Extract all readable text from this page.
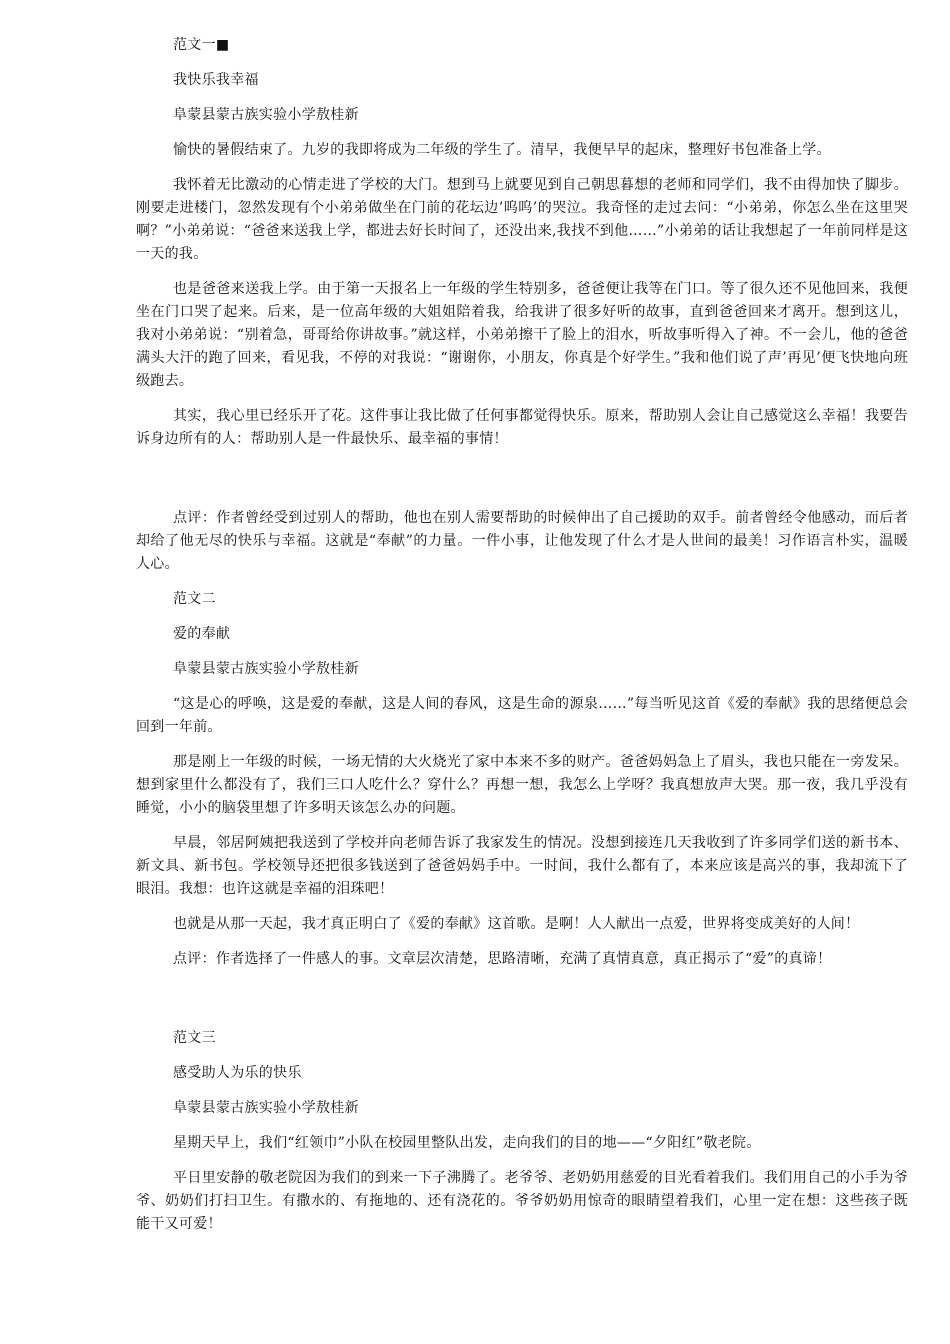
范文一■

我快乐我幸福

阜蒙县蒙古族实验小学敖桂新

愉快的暑假结束了。九岁的我即将成为二年级的学生了。清早，我便早早的起床，整理好书包准备上学。

我怀着无比激动的心情走进了学校的大门。想到马上就要见到自己朝思暮想的老师和同学们，我不由得加快了脚步。刚要走进楼门，忽然发现有个小弟弟做坐在门前的花坛边’呜呜’的哭泣。我奇怪的走过去问：“小弟弟，你怎么坐在这里哭啊？”小弟弟说：“爸爸来送我上学，都进去好长时间了，还没出来,我找不到他……”小弟弟的话让我想起了一年前同样是这一天的我。

也是爸爸来送我上学。由于第一天报名上一年级的学生特别多，爸爸便让我等在门口。等了很久还不见他回来，我便坐在门口哭了起来。后来，是一位高年级的大姐姐陪着我，给我讲了很多好听的故事，直到爸爸回来才离开。想到这儿，我对小弟弟说：“别着急，哥哥给你讲故事。”就这样，小弟弟擦干了脸上的泪水，听故事听得入了神。不一会儿，他的爸爸满头大汗的跑了回来，看见我，不停的对我说：“谢谢你，小朋友，你真是个好学生。”我和他们说了声’再见’便飞快地向班级跑去。

其实，我心里已经乐开了花。这件事让我比做了任何事都觉得快乐。原来，帮助别人会让自己感觉这么幸福！我要告诉身边所有的人：帮助别人是一件最快乐、最幸福的事情！

点评：作者曾经受到过别人的帮助，他也在别人需要帮助的时候伸出了自己援助的双手。前者曾经令他感动，而后者却给了他无尽的快乐与幸福。这就是“奉献”的力量。一件小事，让他发现了什么才是人世间的最美！习作语言朴实，温暖人心。

范文二

爱的奉献

阜蒙县蒙古族实验小学敖桂新

“这是心的呼唤，这是爱的奉献，这是人间的春风，这是生命的源泉……”每当听见这首《爱的奉献》我的思绪便总会回到一年前。

那是刚上一年级的时候，一场无情的大火烧光了家中本来不多的财产。爸爸妈妈急上了眉头，我也只能在一旁发呆。想到家里什么都没有了，我们三口人吃什么？穿什么？再想一想，我怎么上学呀？我真想放声大哭。那一夜，我几乎没有睡觉，小小的脑袋里想了许多明天该怎么办的问题。

早晨，邻居阿姨把我送到了学校并向老师告诉了我家发生的情况。没想到接连几天我收到了许多同学们送的新书本、新文具、新书包。学校领导还把很多钱送到了爸爸妈妈手中。一时间，我什么都有了，本来应该是高兴的事，我却流下了眼泪。我想：也许这就是幸福的泪珠吧！

也就是从那一天起，我才真正明白了《爱的奉献》这首歌。是啊！人人献出一点爱，世界将变成美好的人间！

点评：作者选择了一件感人的事。文章层次清楚，思路清晰，充满了真情真意，真正揭示了“爱”的真谛！

范文三

感受助人为乐的快乐

阜蒙县蒙古族实验小学敖桂新

星期天早上，我们“红领巾”小队在校园里整队出发，走向我们的目的地——“夕阳红”敬老院。

平日里安静的敬老院因为我们的到来一下子沸腾了。老爷爷、老奶奶用慈爱的目光看着我们。我们用自己的小手为爷爷、奶奶们打扫卫生。有撒水的、有拖地的、还有浇花的。爷爷奶奶用惊奇的眼睛望着我们，心里一定在想：这些孩子既能干又可爱！
